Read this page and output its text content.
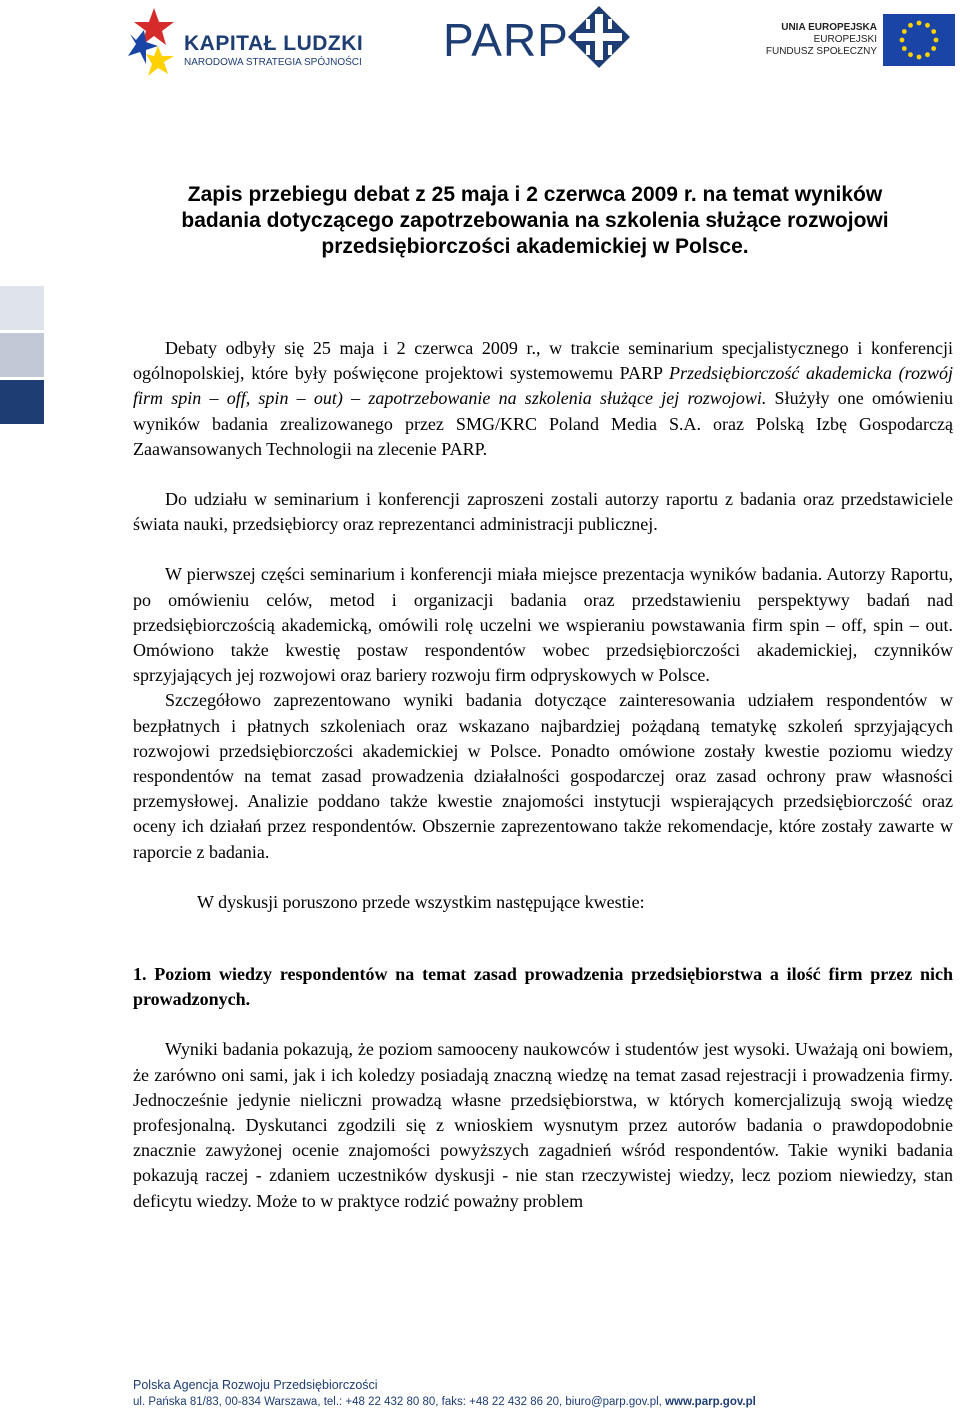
KAPITAŁ LUDZKI
NARODOWA STRATEGIA SPÓJNOŚCI PARP	UNIA EUROPEJSKA
EUROPEJSKI
FUNDUSZ SPOŁECZNY
Zapis przebiegu debat z 25 maja i 2 czerwca 2009 r. na temat wyników badania dotyczącego zapotrzebowania na szkolenia służące rozwojowi przedsiębiorczości akademickiej w Polsce.

Debaty odbyły się 25 maja i 2 czerwca 2009 r., w trakcie seminarium specjalistycznego i konferencji ogólnopolskiej, które były poświęcone projektowi systemowemu PARP Przedsiębiorczość akademicka (rozwój firm spin – off, spin – out) – zapotrzebowanie na szkolenia służące jej rozwojowi. Służyły one omówieniu wyników badania zrealizowanego przez SMG/KRC Poland Media S.A. oraz Polską Izbę Gospodarczą Zaawansowanych Technologii na zlecenie PARP.

Do udziału w seminarium i konferencji zaproszeni zostali autorzy raportu z badania oraz przedstawiciele świata nauki, przedsiębiorcy oraz reprezentanci administracji publicznej.

W pierwszej części seminarium i konferencji miała miejsce prezentacja wyników badania. Autorzy Raportu, po omówieniu celów, metod i organizacji badania oraz przedstawieniu perspektywy badań nad przedsiębiorczością akademicką, omówili rolę uczelni we wspieraniu powstawania firm spin – off, spin – out. Omówiono także kwestię postaw respondentów wobec przedsiębiorczości akademickiej, czynników sprzyjających jej rozwojowi oraz bariery rozwoju firm odpryskowych w Polsce.

Szczegółowo zaprezentowano wyniki badania dotyczące zainteresowania udziałem respondentów w bezpłatnych i płatnych szkoleniach oraz wskazano najbardziej pożądaną tematykę szkoleń sprzyjających rozwojowi przedsiębiorczości akademickiej w Polsce. Ponadto omówione zostały kwestie poziomu wiedzy respondentów na temat zasad prowadzenia działalności gospodarczej oraz zasad ochrony praw własności przemysłowej. Analizie poddano także kwestie znajomości instytucji wspierających przedsiębiorczość oraz oceny ich działań przez respondentów. Obszernie zaprezentowano także rekomendacje, które zostały zawarte w raporcie z badania.

W dyskusji poruszono przede wszystkim następujące kwestie:

1. Poziom wiedzy respondentów na temat zasad prowadzenia przedsiębiorstwa a ilość firm przez nich prowadzonych.

Wyniki badania pokazują, że poziom samooceny naukowców i studentów jest wysoki. Uważają oni bowiem, że zarówno oni sami, jak i ich koledzy posiadają znaczną wiedzę na temat zasad rejestracji i prowadzenia firmy. Jednocześnie jedynie nieliczni prowadzą własne przedsiębiorstwa, w których komercjalizują swoją wiedzę profesjonalną. Dyskutanci zgodzili się z wnioskiem wysnutym przez autorów badania o prawdopodobnie znacznie zawyżonej ocenie znajomości powyższych zagadnień wśród respondentów. Takie wyniki badania pokazują raczej - zdaniem uczestników dyskusji - nie stan rzeczywistej wiedzy, lecz poziom niewiedzy, stan deficytu wiedzy. Może to w praktyce rodzić poważny problem

Polska Agencja Rozwoju Przedsiębiorczości
ul. Pańska 81/83, 00-834 Warszawa, tel.: +48 22 432 80 80, faks: +48 22 432 86 20, biuro@parp.gov.pl, www.parp.gov.pl
